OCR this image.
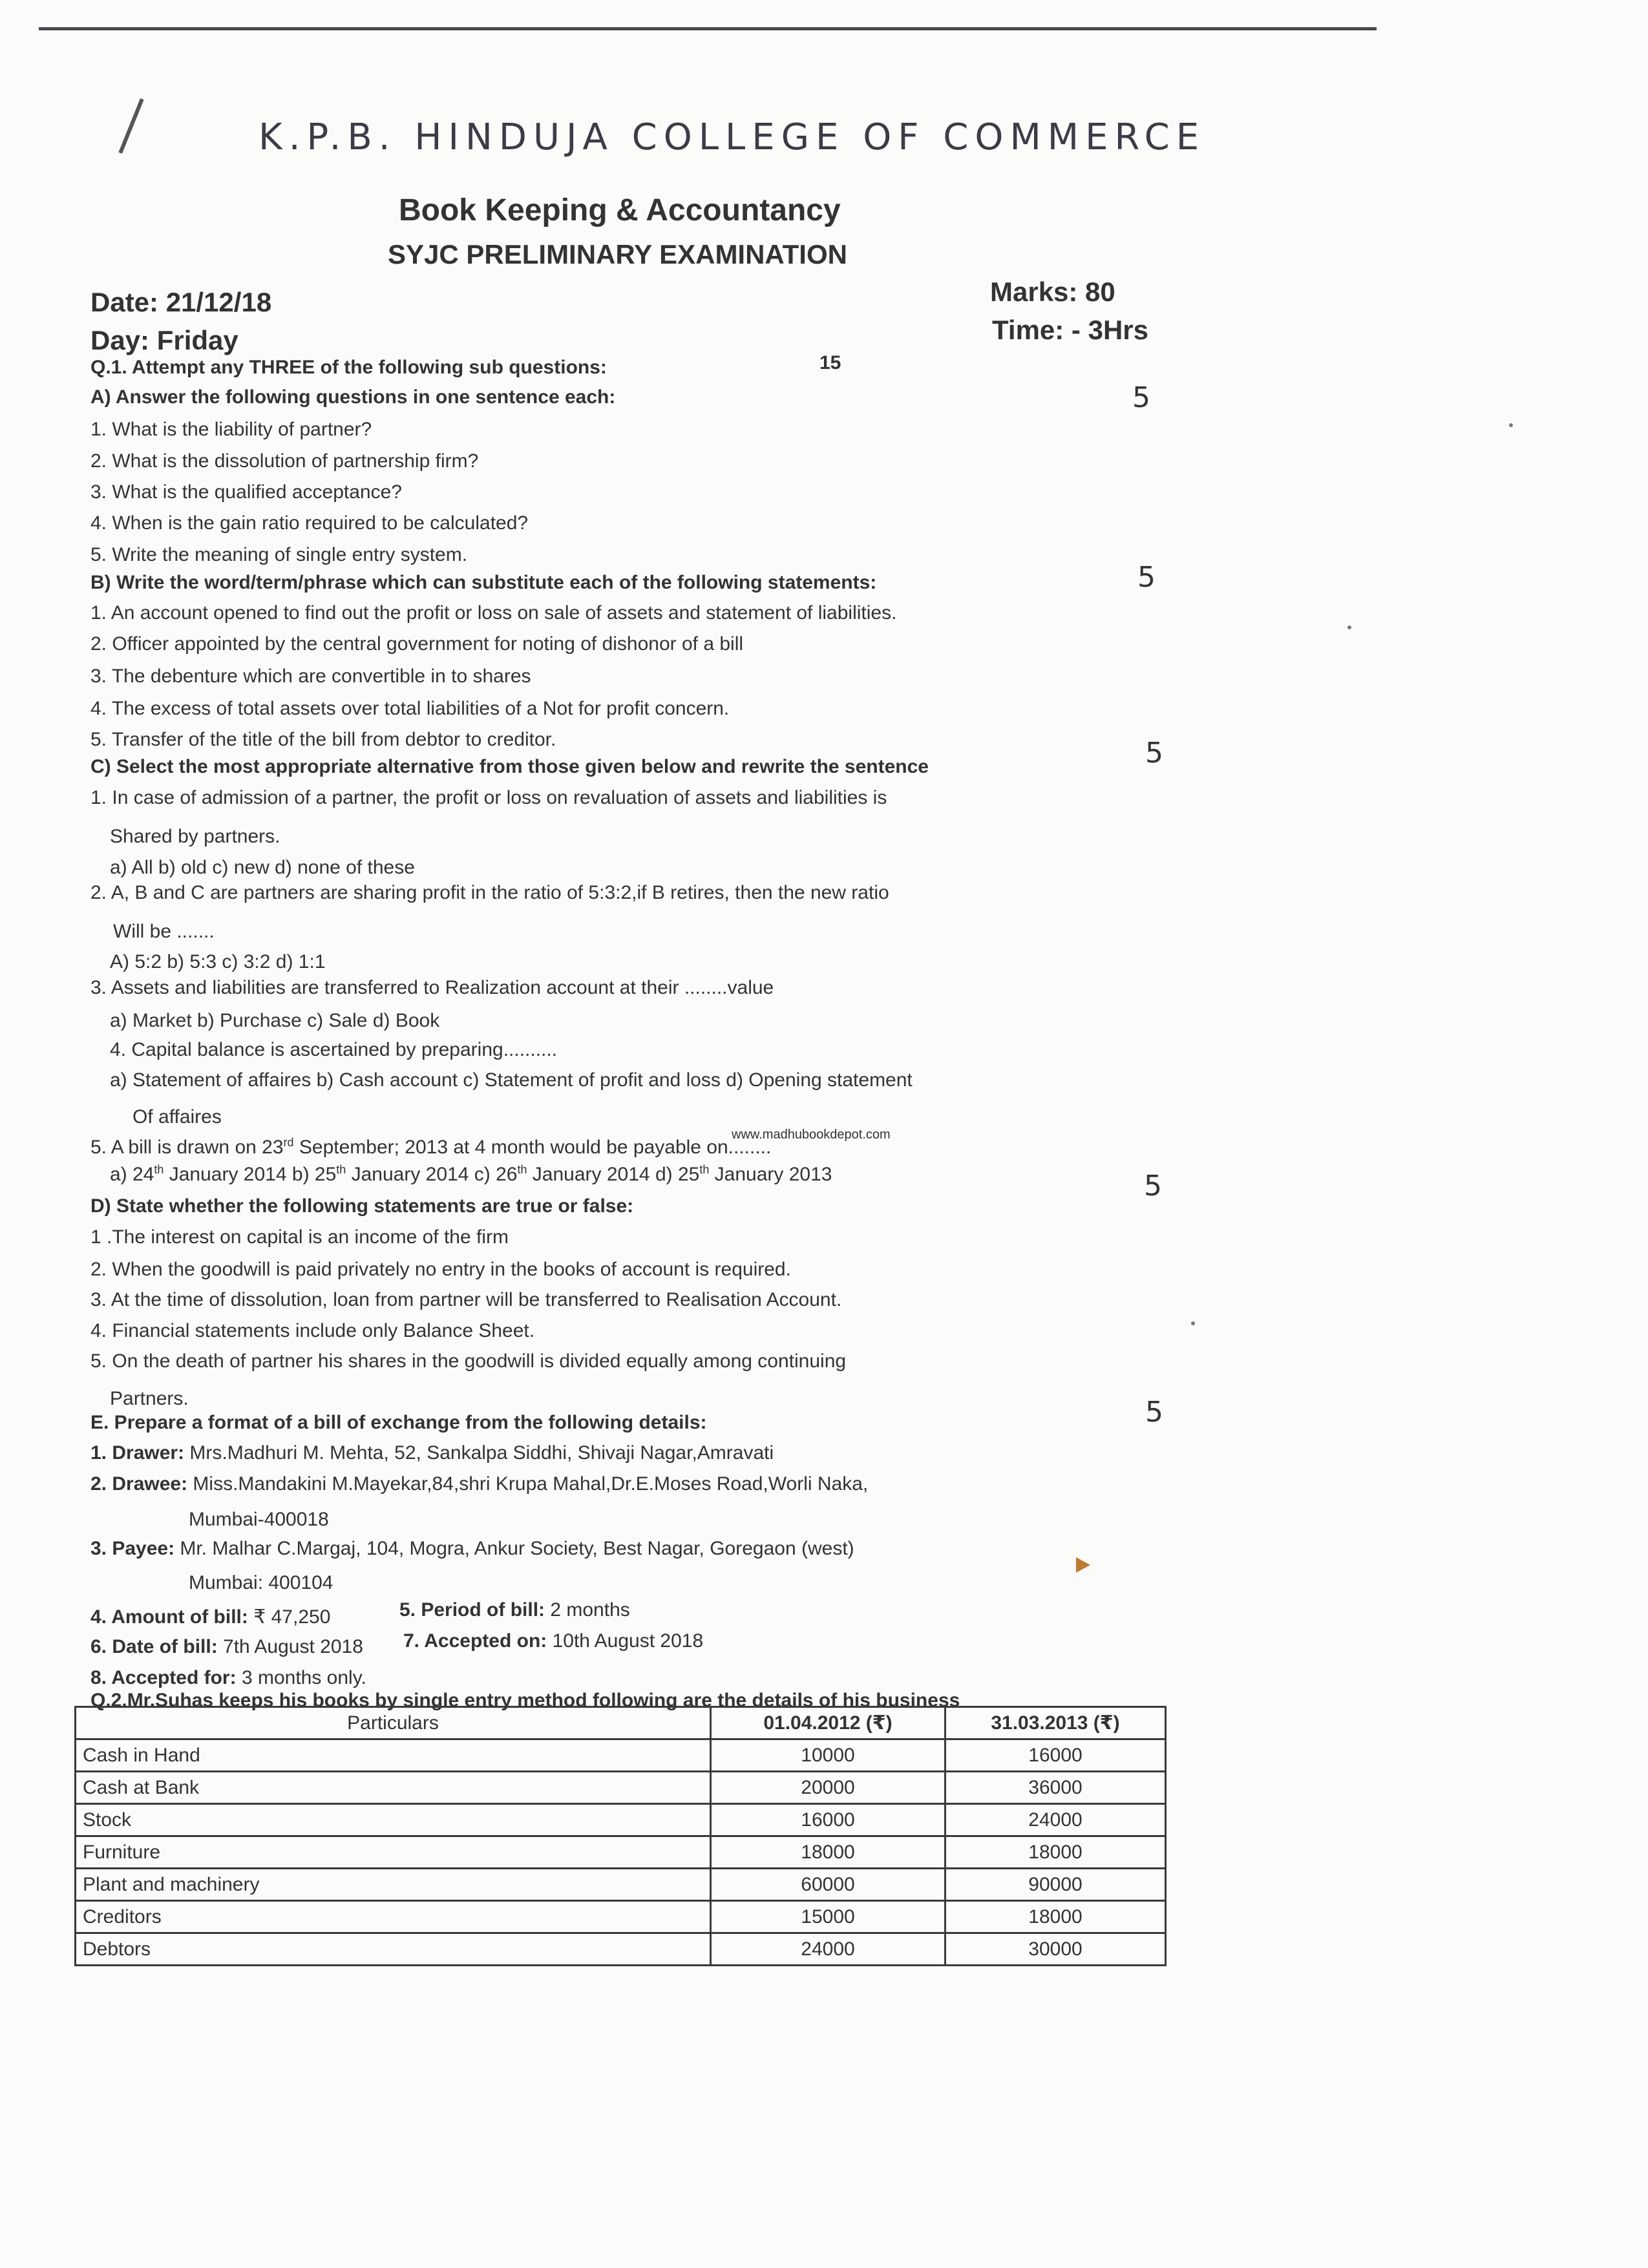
K.P.B. HINDUJA COLLEGE OF COMMERCE
Book Keeping & Accountancy
SYJC PRELIMINARY EXAMINATION
Date: 21/12/18
Day: Friday
Marks: 80
Time: - 3Hrs
Q.1. Attempt any THREE of the following sub questions:	15
A) Answer the following questions in one sentence each:	5
1. What is the liability of partner?
2. What is the dissolution of partnership firm?
3. What is the qualified acceptance?
4. When is the gain ratio required to be calculated?
5. Write the meaning of single entry system.
B) Write the word/term/phrase which can substitute each of the following statements:	5
1. An account opened to find out the profit or loss on sale of assets and statement of liabilities.
2. Officer appointed by the central government for noting of dishonor of a bill
3. The debenture which are convertible in to shares
4. The excess of total assets over total liabilities of a Not for profit concern.
5. Transfer of the title of the bill from debtor to creditor.
C) Select the most appropriate alternative from those given below and rewrite the sentence	5
1. In case of admission of a partner, the profit or loss on revaluation of assets and liabilities is
Shared by partners.
a) All b) old c) new d) none of these
2. A, B and C are partners are sharing profit in the ratio of 5:3:2,if B retires, then the new ratio
Will be .......
A) 5:2 b) 5:3 c) 3:2 d) 1:1
3. Assets and liabilities are transferred to Realization account at their ........value
a) Market b) Purchase c) Sale d) Book
4. Capital balance is ascertained by preparing..........
a) Statement of affaires b) Cash account c) Statement of profit and loss d) Opening statement
Of affaires
www.madhubookdepot.com
5. A bill is drawn on 23rd September; 2013 at 4 month would be payable on........
a) 24th January 2014 b) 25th January 2014 c) 26th January 2014 d) 25th January 2013
D) State whether the following statements are true or false:
5
1 .The interest on capital is an income of the firm
2. When the goodwill is paid privately no entry in the books of account is required.
3. At the time of dissolution, loan from partner will be transferred to Realisation Account.
4. Financial statements include only Balance Sheet.
5. On the death of partner his shares in the goodwill is divided equally among continuing
Partners.
E. Prepare a format of a bill of exchange from the following details:	5
1. Drawer: Mrs.Madhuri M. Mehta, 52, Sankalpa Siddhi, Shivaji Nagar,Amravati
2. Drawee: Miss.Mandakini M.Mayekar,84,shri Krupa Mahal,Dr.E.Moses Road,Worli Naka,
Mumbai-400018
3. Payee: Mr. Malhar C.Margaj, 104, Mogra, Ankur Society, Best Nagar, Goregaon (west)
Mumbai: 400104
4. Amount of bill: ₹ 47,250	5. Period of bill: 2 months
6. Date of bill: 7th August 2018 7. Accepted on: 10th August 2018
8. Accepted for: 3 months only.
Q.2.Mr.Suhas keeps his books by single entry method following are the details of his business
Particulars	01.04.2012 (₹)	31.03.2013 (₹)
Cash in Hand	10000	16000
Cash at Bank	20000	36000
Stock	16000	24000
Furniture	18000	18000
Plant and machinery	60000	90000
Creditors	15000	18000
Debtors	24000	30000
